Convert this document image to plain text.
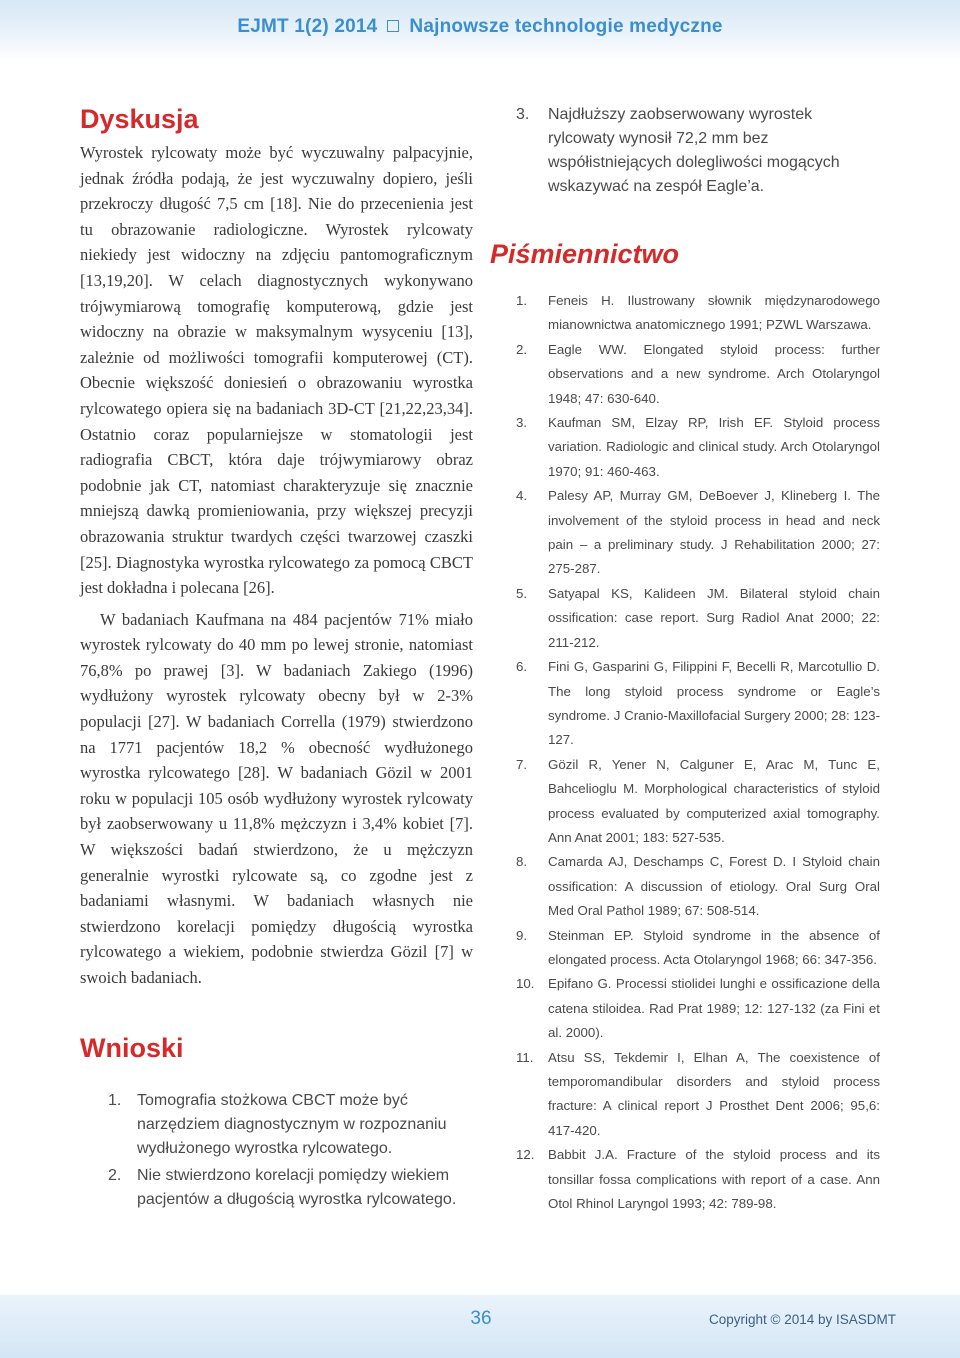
EJMT 1(2) 2014 Najnowsze technologie medyczne
Dyskusja

Wyrostek rylcowaty może być wyczuwalny palpacyjnie, jednak źródła podają, że jest wyczuwalny dopiero, jeśli przekroczy długość 7,5 cm [18]. Nie do przecenienia jest tu obrazowanie radiologiczne. Wyrostek rylcowaty niekiedy jest widoczny na zdjęciu pantomograficznym [13,19,20]. W celach diagnostycznych wykonywano trójwymiarową tomografię komputerową, gdzie jest widoczny na obrazie w maksymalnym wysyceniu [13], zależnie od możliwości tomografii komputerowej (CT). Obecnie większość doniesień o obrazowaniu wyrostka rylcowatego opiera się na badaniach 3D-CT [21,22,23,34]. Ostatnio coraz popularniejsze w stomatologii jest radiografia CBCT, która daje trójwymiarowy obraz podobnie jak CT, natomiast charakteryzuje się znacznie mniejszą dawką promieniowania, przy większej precyzji obrazowania struktur twardych części twarzowej czaszki [25]. Diagnostyka wyrostka rylcowatego za pomocą CBCT jest dokładna i polecana [26].

W badaniach Kaufmana na 484 pacjentów 71% miało wyrostek rylcowaty do 40 mm po lewej stronie, natomiast 76,8% po prawej [3]. W badaniach Zakiego (1996) wydłużony wyrostek rylcowaty obecny był w 2-3% populacji [27]. W badaniach Corrella (1979) stwierdzono na 1771 pacjentów 18,2 % obecność wydłużonego wyrostka rylcowatego [28]. W badaniach Gözil w 2001 roku w populacji 105 osób wydłużony wyrostek rylcowaty był zaobserwowany u 11,8% mężczyzn i 3,4% kobiet [7]. W większości badań stwierdzono, że u mężczyzn generalnie wyrostki rylcowate są, co zgodne jest z badaniami własnymi. W badaniach własnych nie stwierdzono korelacji pomiędzy długością wyrostka rylcowatego a wiekiem, podobnie stwierdza Gözil [7] w swoich badaniach.

Wnioski
1. Tomografia stożkowa CBCT może być narzędziem diagnostycznym w rozpoznaniu wydłużonego wyrostka rylcowatego.
2. Nie stwierdzono korelacji pomiędzy wiekiem pacjentów a długością wyrostka rylcowatego.
3. Najdłuższy zaobserwowany wyrostek rylcowaty wynosił 72,2 mm bez współistniejących dolegliwości mogących wskazywać na zespół Eagle’a.
Piśmiennictwo
1. Feneis H. Ilustrowany słownik międzynarodowego mianownictwa anatomicznego 1991; PZWL Warszawa.
2. Eagle WW. Elongated styloid process: further observations and a new syndrome. Arch Otolaryngol 1948; 47: 630-640.
3. Kaufman SM, Elzay RP, Irish EF. Styloid process variation. Radiologic and clinical study. Arch Otolaryngol 1970; 91: 460-463.
4. Palesy AP, Murray GM, DeBoever J, Klineberg I. The involvement of the styloid process in head and neck pain – a preliminary study. J Rehabilitation 2000; 27: 275-287.
5. Satyapal KS, Kalideen JM. Bilateral styloid chain ossification: case report. Surg Radiol Anat 2000; 22: 211-212.
6. Fini G, Gasparini G, Filippini F, Becelli R, Marcotullio D. The long styloid process syndrome or Eagle’s syndrome. J Cranio-Maxillofacial Surgery 2000; 28: 123-127.
7. Gözil R, Yener N, Calguner E, Arac M, Tunc E, Bahcelioglu M. Morphological characteristics of styloid process evaluated by computerized axial tomography. Ann Anat 2001; 183: 527-535.
8. Camarda AJ, Deschamps C, Forest D. I Styloid chain ossification: A discussion of etiology. Oral Surg Oral Med Oral Pathol 1989; 67: 508-514.
9. Steinman EP. Styloid syndrome in the absence of elongated process. Acta Otolaryngol 1968; 66: 347-356.
10. Epifano G. Processi stiolidei lunghi e ossificazione della catena stiloidea. Rad Prat 1989; 12: 127-132 (za Fini et al. 2000).
11. Atsu SS, Tekdemir I, Elhan A, The coexistence of temporomandibular disorders and styloid process fracture: A clinical report J Prosthet Dent 2006; 95,6: 417-420.
12. Babbit J.A. Fracture of the styloid process and its tonsillar fossa complications with report of a case. Ann Otol Rhinol Laryngol 1993; 42: 789-98.
36	Copyright © 2014 by ISASDMT
